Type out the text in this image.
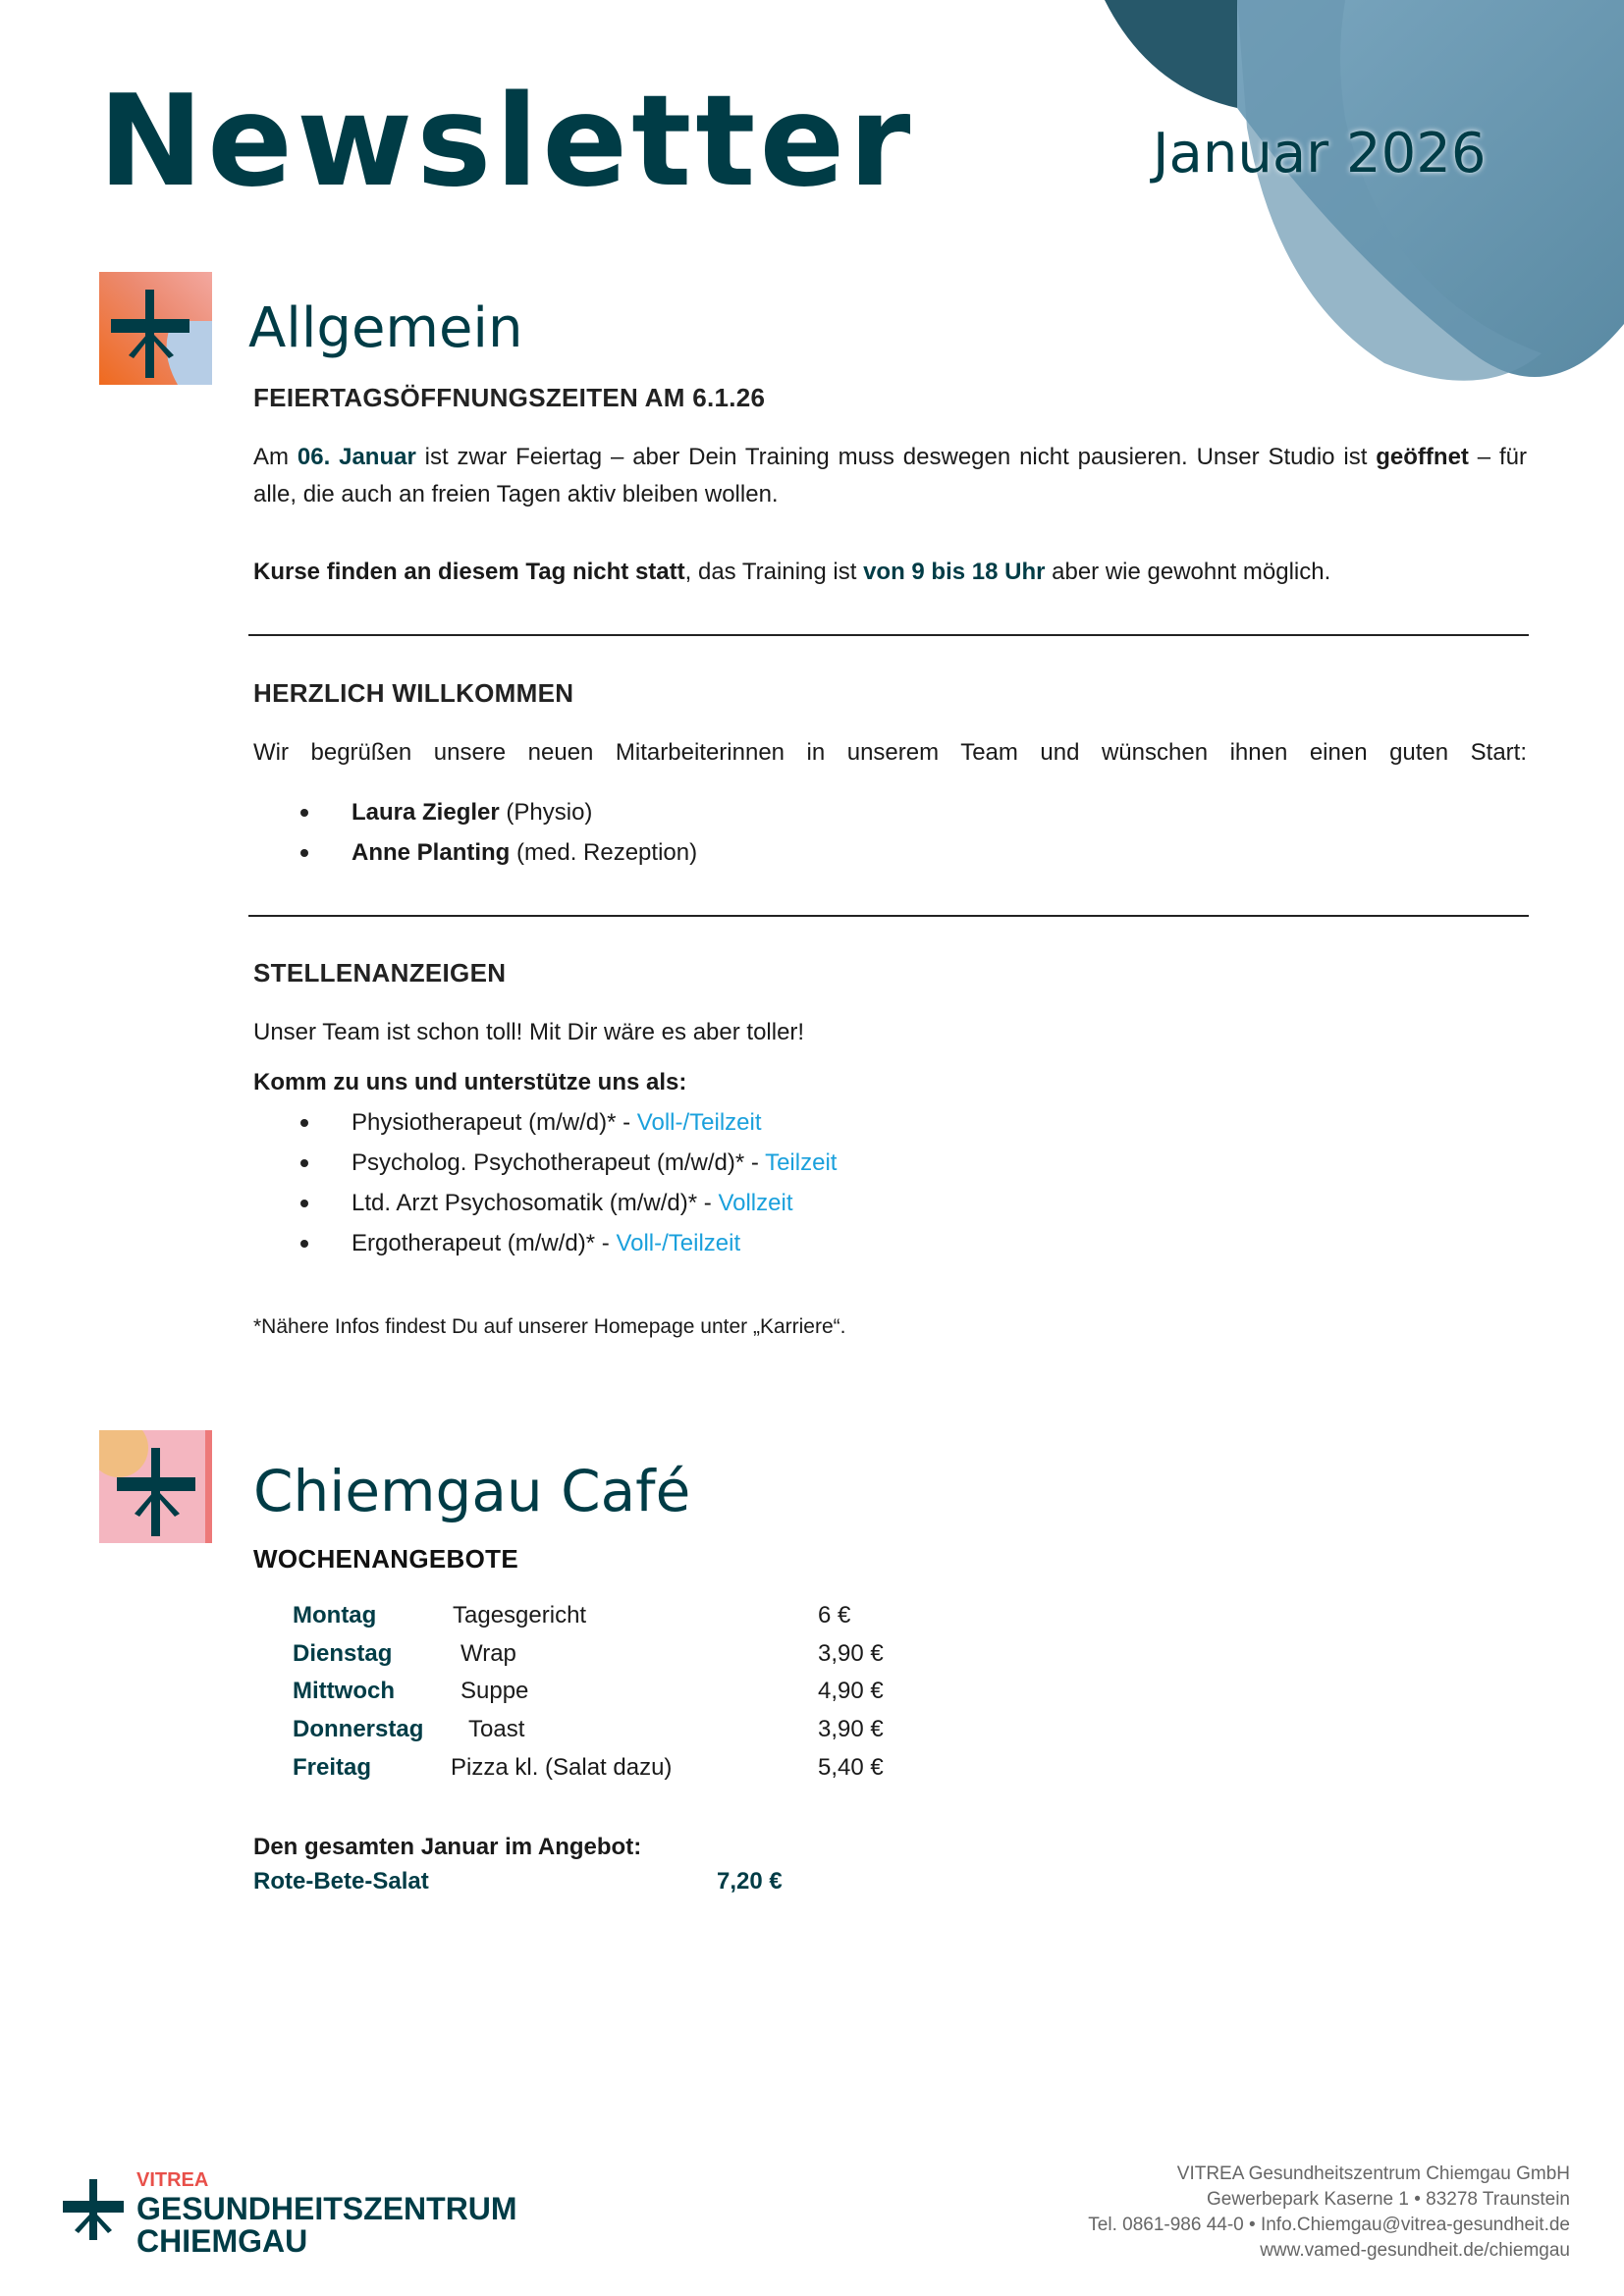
Newsletter	Januar 2026
Allgemein
FEIERTAGSÖFFNUNGSZEITEN AM 6.1.26

Am 06. Januar ist zwar Feiertag – aber Dein Training muss deswegen nicht pausieren. Unser Studio ist geöffnet – für alle, die auch an freien Tagen aktiv bleiben wollen.

Kurse finden an diesem Tag nicht statt, das Training ist von 9 bis 18 Uhr aber wie gewohnt möglich.

HERZLICH WILLKOMMEN

Wir begrüßen unsere neuen Mitarbeiterinnen in unserem Team und wünschen ihnen einen guten Start:

Laura Ziegler (Physio)
Anne Planting (med. Rezeption)
STELLENANZEIGEN

Unser Team ist schon toll! Mit Dir wäre es aber toller!

Komm zu uns und unterstütze uns als:

Physiotherapeut (m/w/d)* - Voll-/Teilzeit
Psycholog. Psychotherapeut (m/w/d)* - Teilzeit
Ltd. Arzt Psychosomatik (m/w/d)* - Vollzeit
Ergotherapeut (m/w/d)* - Voll-/Teilzeit

*Nähere Infos findest Du auf unserer Homepage unter „Karriere“.

Chiemgau Café
WOCHENANGEBOTE
Montag	Tagesgericht	6 €
Dienstag	Wrap	3,90 €
Mittwoch	Suppe	4,90 €
Donnerstag Toast	3,90 €
Freitag	Pizza kl. (Salat dazu)	5,40 €

Den gesamten Januar im Angebot:

Rote-Bete-Salat	7,20 €

VITREA
GESUNDHEITSZENTRUM
CHIEMGAU
VITREA Gesundheitszentrum Chiemgau GmbH
Gewerbepark Kaserne 1 • 83278 Traunstein
Tel. 0861-986 44-0 • Info.Chiemgau@vitrea-gesundheit.de
www.vamed-gesundheit.de/chiemgau
